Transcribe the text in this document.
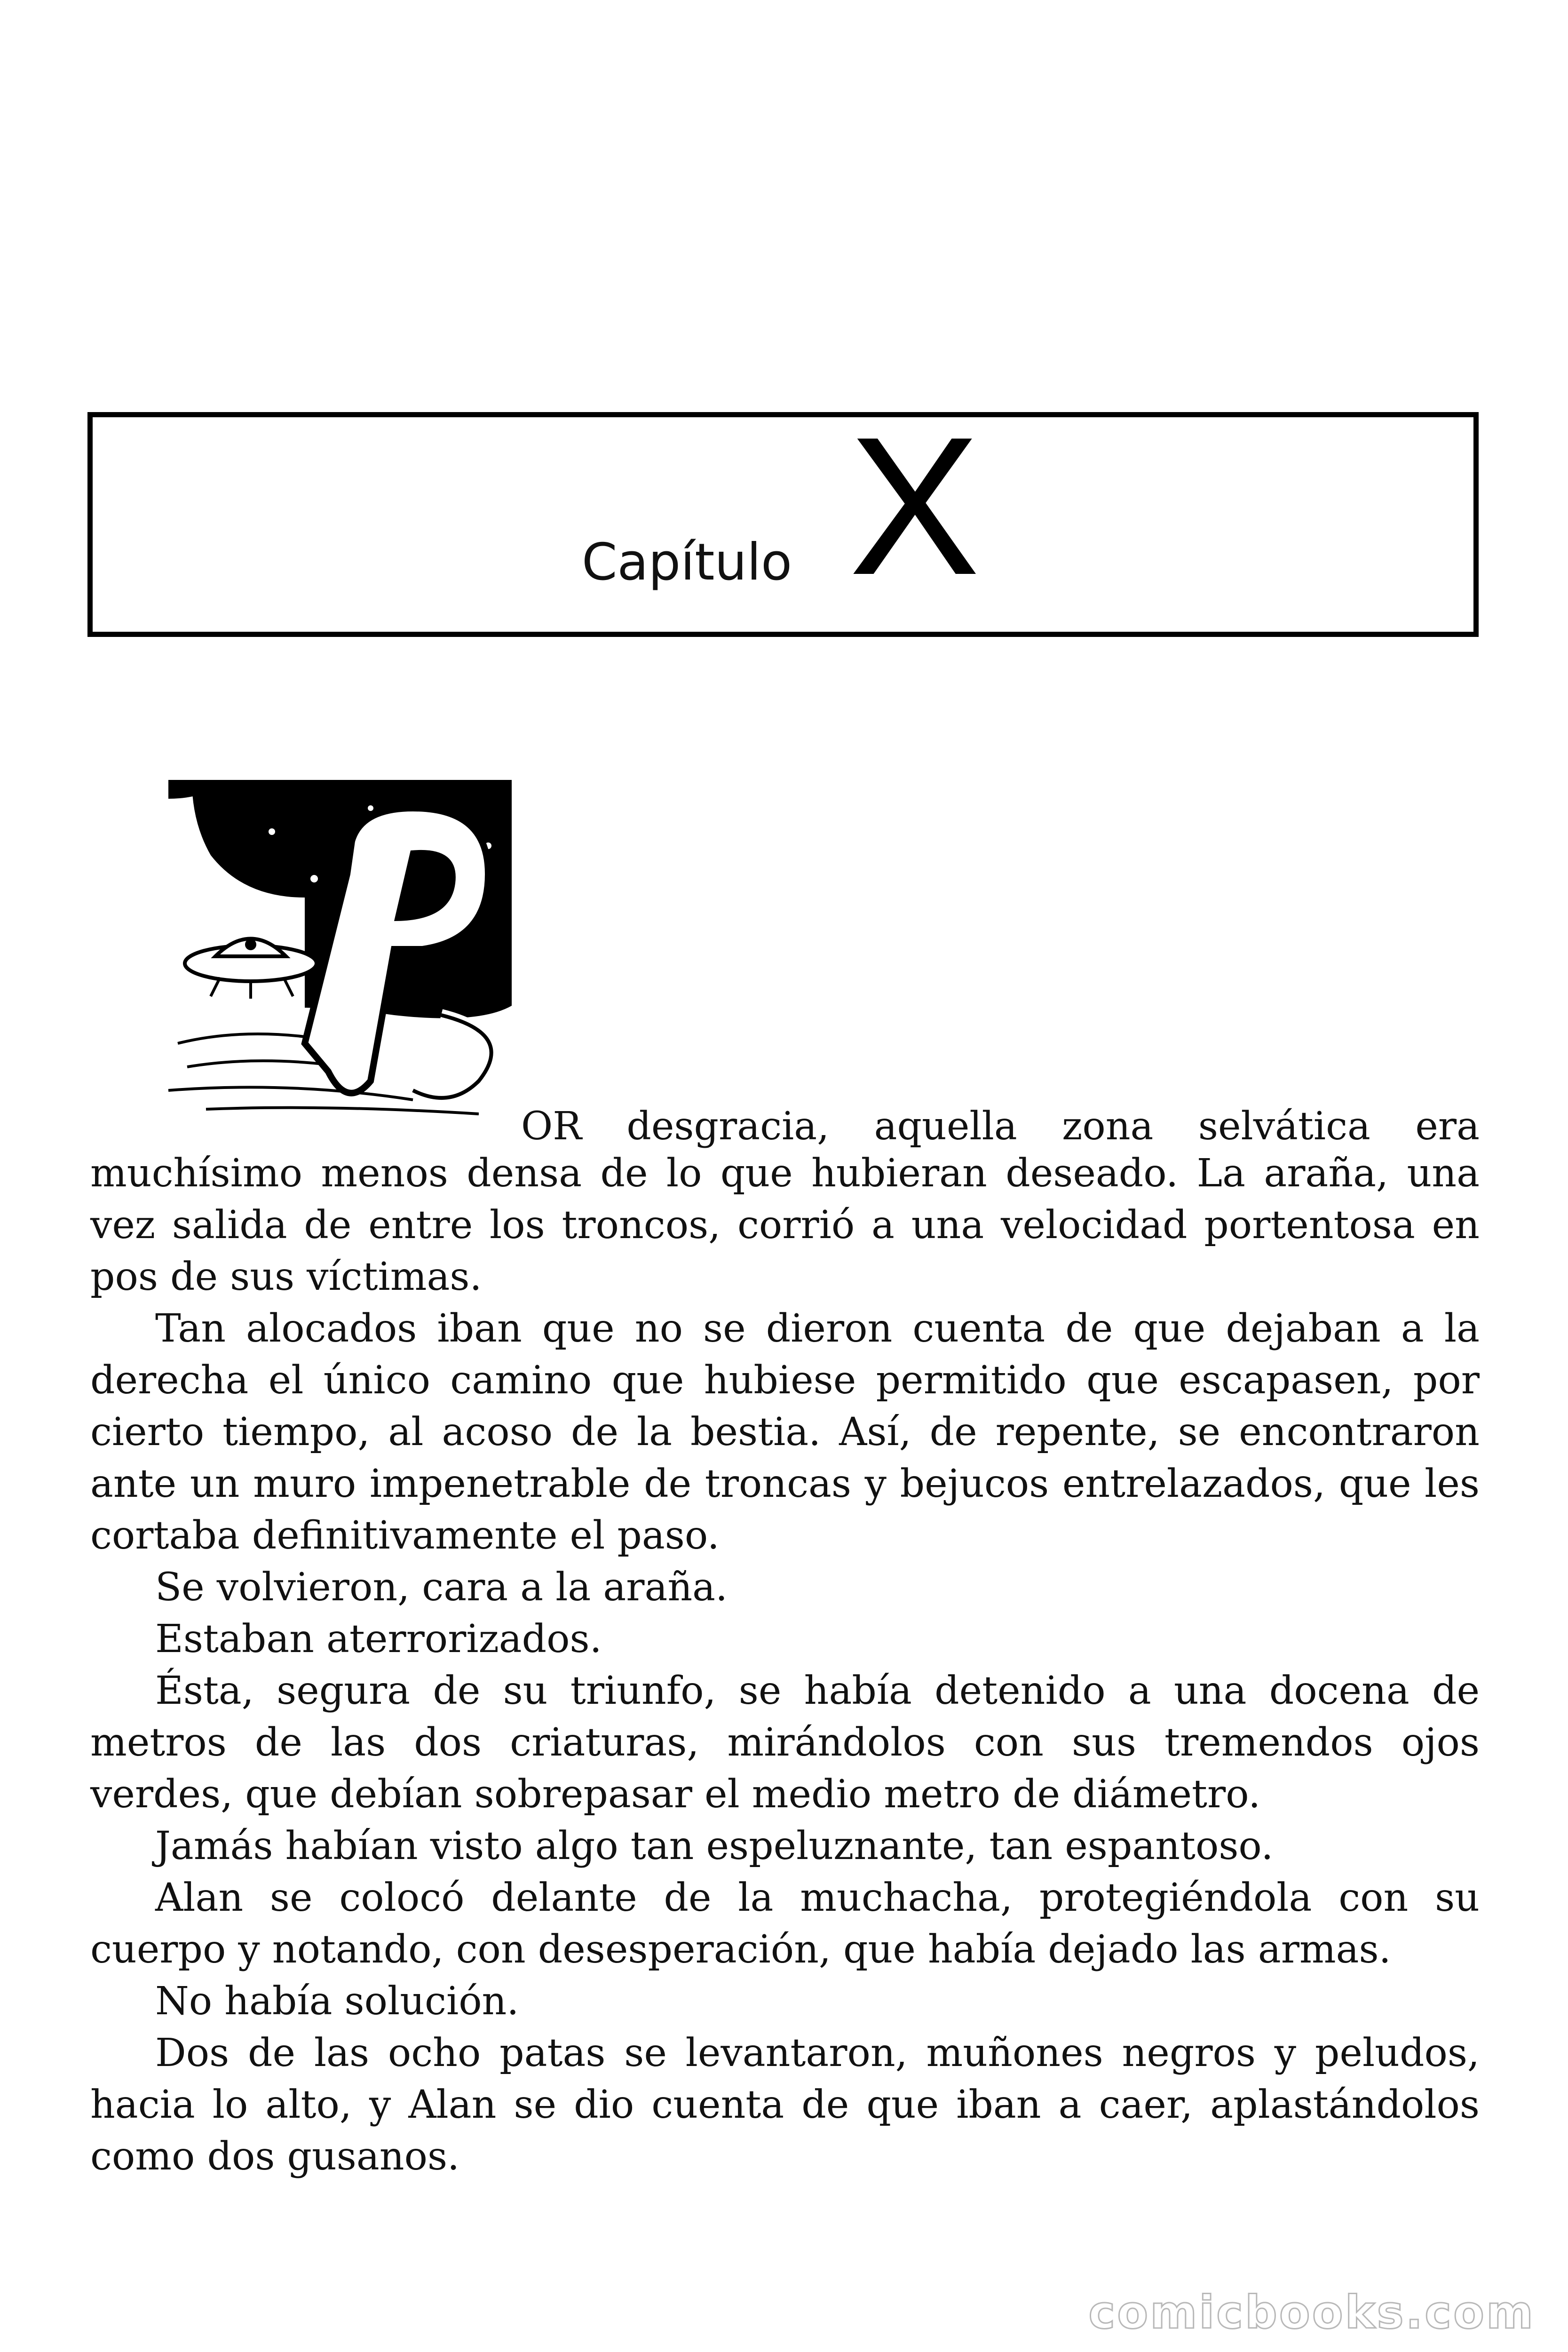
Capítulo X
OR desgracia, aquella zona selvática era
muchísimo menos densa de lo que hubieran deseado. La araña, una vez salida de entre los troncos, corrió a una velocidad portentosa en pos de sus víctimas.

Tan alocados iban que no se dieron cuenta de que dejaban a la derecha el único camino que hubiese permitido que escapasen, por cierto tiempo, al acoso de la bestia. Así, de repente, se encontraron ante un muro impenetrable de troncas y bejucos entrelazados, que les cortaba definitivamente el paso.

Se volvieron, cara a la araña.

Estaban aterrorizados.

Ésta, segura de su triunfo, se había detenido a una docena de metros de las dos criaturas, mirándolos con sus tremendos ojos verdes, que debían sobrepasar el medio metro de diámetro.

Jamás habían visto algo tan espeluznante, tan espantoso.

Alan se colocó delante de la muchacha, protegiéndola con su cuerpo y notando, con desesperación, que había dejado las armas.

No había solución.

Dos de las ocho patas se levantaron, muñones negros y peludos, hacia lo alto, y Alan se dio cuenta de que iban a caer, aplastándolos como dos gusanos.

comicbooks.com
